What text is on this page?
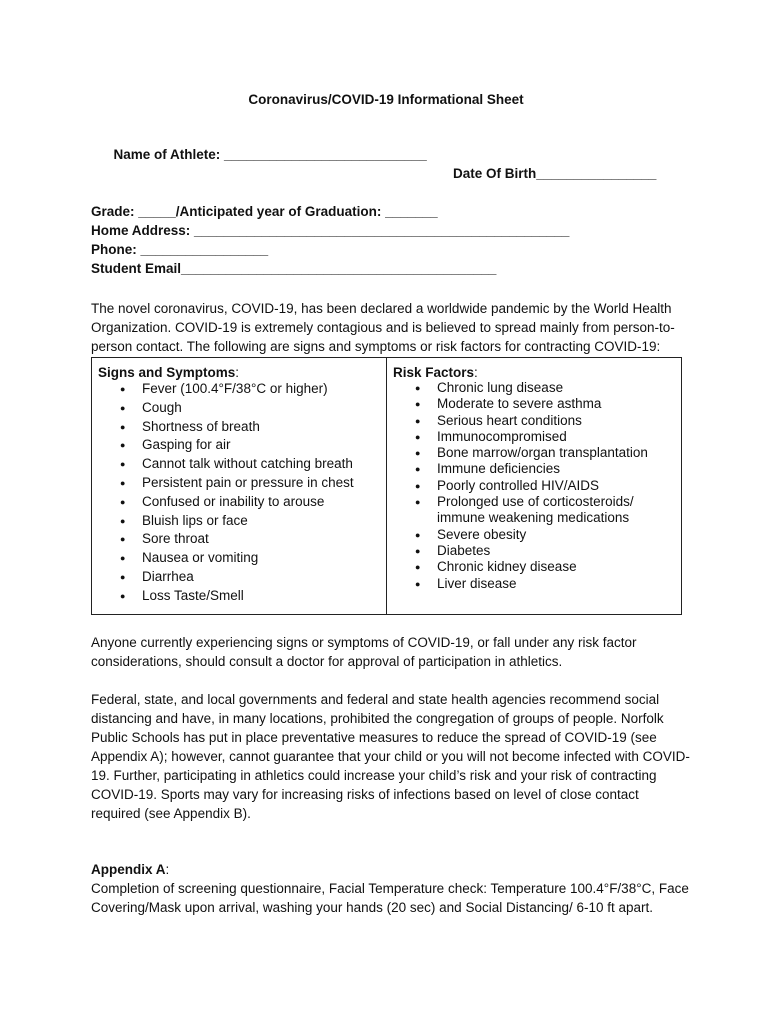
Coronavirus/COVID-19 Informational Sheet

Name of Athlete: ___________________________

Date Of Birth________________

Grade: _____/Anticipated year of Graduation: _______
Home Address: __________________________________________________
Phone: _________________
Student Email__________________________________________

The novel coronavirus, COVID-19, has been declared a worldwide pandemic by the World Health Organization. COVID-19 is extremely contagious and is believed to spread mainly from person-to-person contact. The following are signs and symptoms or risk factors for contracting COVID-19:

Signs and Symptoms:

● Fever (100.4°F/38°C or higher)
● Cough
● Shortness of breath
● Gasping for air
● Cannot talk without catching breath
● Persistent pain or pressure in chest
● Confused or inability to arouse
● Bluish lips or face
● Sore throat
● Nausea or vomiting
● Diarrhea
● Loss Taste/Smell

Risk Factors:

● Chronic lung disease
● Moderate to severe asthma
● Serious heart conditions
● Immunocompromised
● Bone marrow/organ transplantation
● Immune deficiencies
● Poorly controlled HIV/AIDS
● Prolonged use of corticosteroids/ immune weakening medications
● Severe obesity
● Diabetes
● Chronic kidney disease
● Liver disease

Anyone currently experiencing signs or symptoms of COVID-19, or fall under any risk factor considerations, should consult a doctor for approval of participation in athletics.

Federal, state, and local governments and federal and state health agencies recommend social distancing and have, in many locations, prohibited the congregation of groups of people. Norfolk Public Schools has put in place preventative measures to reduce the spread of COVID-19 (see Appendix A); however, cannot guarantee that your child or you will not become infected with COVID-19. Further, participating in athletics could increase your child’s risk and your risk of contracting COVID-19. Sports may vary for increasing risks of infections based on level of close contact required (see Appendix B).

Appendix A:

Completion of screening questionnaire, Facial Temperature check: Temperature 100.4°F/38°C, Face Covering/Mask upon arrival, washing your hands (20 sec) and Social Distancing/ 6-10 ft apart.
